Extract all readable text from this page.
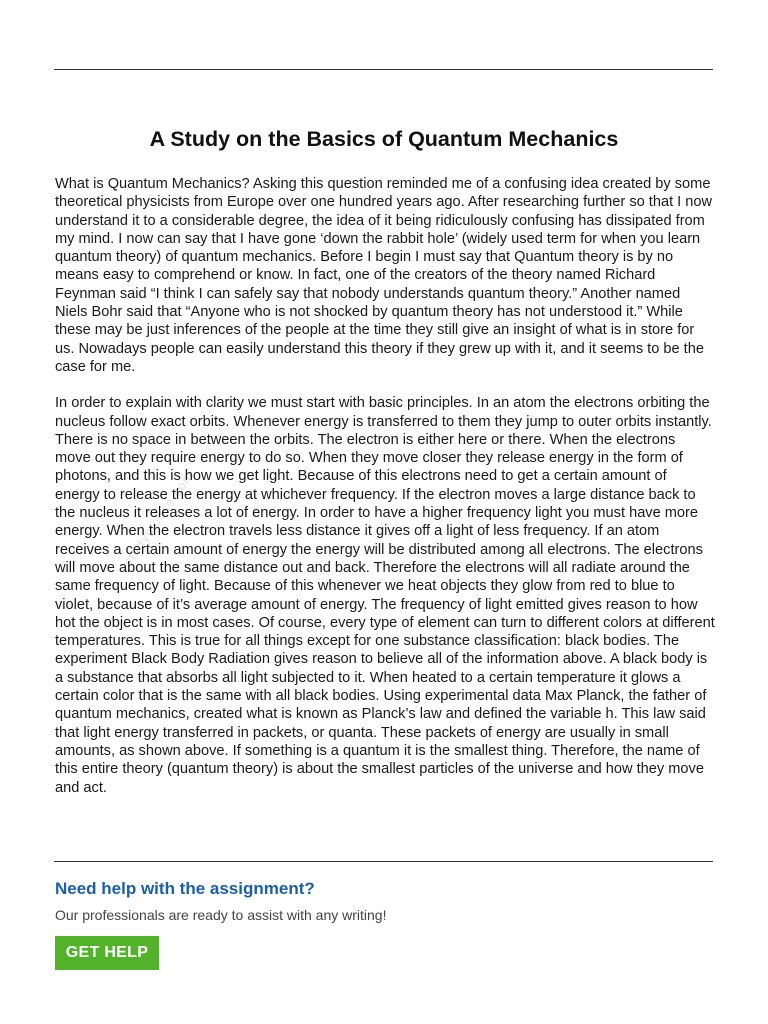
A Study on the Basics of Quantum Mechanics
studymoose.com

What is Quantum Mechanics? Asking this question reminded me of a confusing idea created by some theoretical physicists from Europe over one hundred years ago. After researching further so that I now understand it to a considerable degree, the idea of it being ridiculously confusing has dissipated from my mind. I now can say that I have gone ‘down the rabbit hole’ (widely used term for when you learn quantum theory) of quantum mechanics. Before I begin I must say that Quantum theory is by no means easy to comprehend or know. In fact, one of the creators of the theory named Richard Feynman said “I think I can safely say that nobody understands quantum theory.” Another named Niels Bohr said that “Anyone who is not shocked by quantum theory has not understood it.” While these may be just inferences of the people at the time they still give an insight of what is in store for us. Nowadays people can easily understand this theory if they grew up with it, and it seems to be the case for me.

In order to explain with clarity we must start with basic principles. In an atom the electrons orbiting the nucleus follow exact orbits. Whenever energy is transferred to them they jump to outer orbits instantly. There is no space in between the orbits. The electron is either here or there. When the electrons move out they require energy to do so. When they move closer they release energy in the form of photons, and this is how we get light. Because of this electrons need to get a certain amount of energy to release the energy at whichever frequency. If the electron moves a large distance back to the nucleus it releases a lot of energy. In order to have a higher frequency light you must have more energy. When the electron travels less distance it gives off a light of less frequency. If an atom receives a certain amount of energy the energy will be distributed among all electrons. The electrons will move about the same distance out and back. Therefore the electrons will all radiate around the same frequency of light. Because of this whenever we heat objects they glow from red to blue to violet, because of it’s average amount of energy. The frequency of light emitted gives reason to how hot the object is in most cases. Of course, every type of element can turn to different colors at different temperatures. This is true for all things except for one substance classification: black bodies. The experiment Black Body Radiation gives reason to believe all of the information above. A black body is a substance that absorbs all light subjected to it. When heated to a certain temperature it glows a certain color that is the same with all black bodies. Using experimental data Max Planck, the father of quantum mechanics, created what is known as Planck’s law and defined the variable h. This law said that light energy transferred in packets, or quanta. These packets of energy are usually in small amounts, as shown above. If something is a quantum it is the smallest thing. Therefore, the name of this entire theory (quantum theory) is about the smallest particles of the universe and how they move and act.

Need help with the assignment?

Our professionals are ready to assist with any writing!

GET HELP
